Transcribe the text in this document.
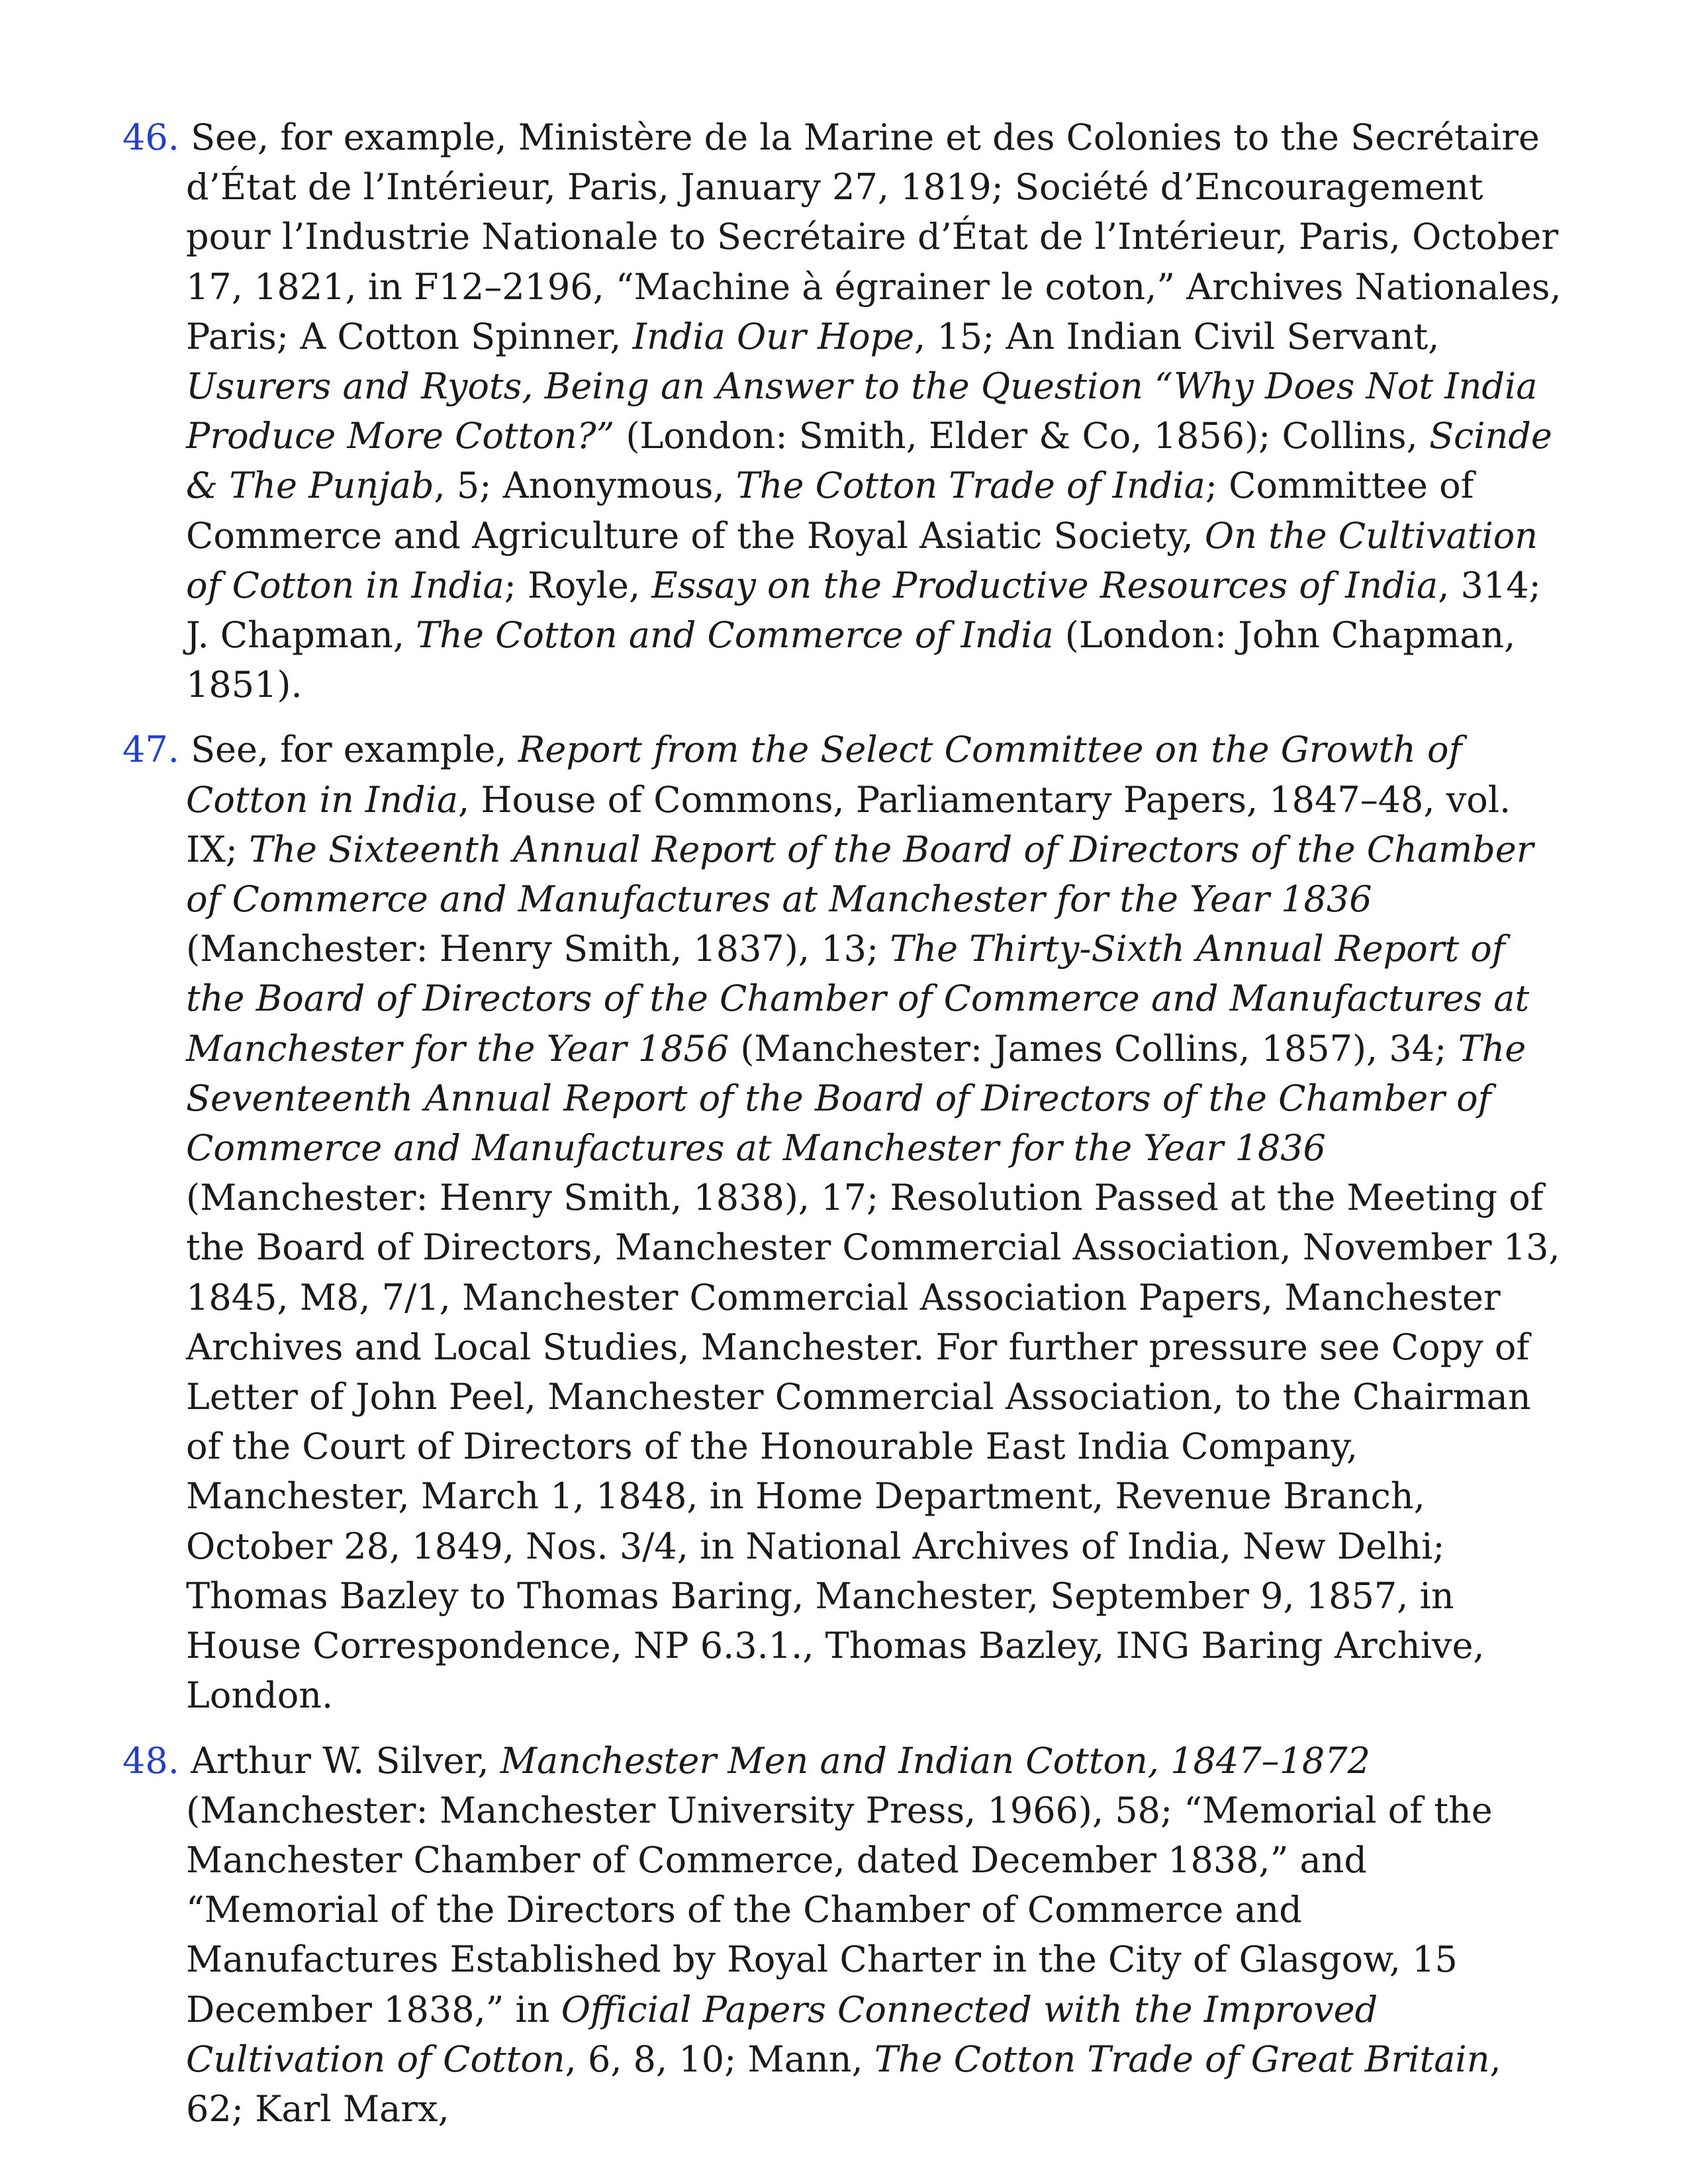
46. See, for example, Ministère de la Marine et des Colonies to the Secrétaire d’État de l’Intérieur, Paris, January 27, 1819; Société d’Encouragement pour l’Industrie Nationale to Secrétaire d’État de l’Intérieur, Paris, October 17, 1821, in F12–2196, “Machine à égrainer le coton,” Archives Nationales, Paris; A Cotton Spinner, India Our Hope, 15; An Indian Civil Servant, Usurers and Ryots, Being an Answer to the Question “Why Does Not India Produce More Cotton?” (London: Smith, Elder & Co, 1856); Collins, Scinde & The Punjab, 5; Anonymous, The Cotton Trade of India; Committee of Commerce and Agriculture of the Royal Asiatic Society, On the Cultivation of Cotton in India; Royle, Essay on the Productive Resources of India, 314; J. Chapman, The Cotton and Commerce of India (London: John Chapman, 1851).

47. See, for example, Report from the Select Committee on the Growth of Cotton in India, House of Commons, Parliamentary Papers, 1847–48, vol. IX; The Sixteenth Annual Report of the Board of Directors of the Chamber of Commerce and Manufactures at Manchester for the Year 1836 (Manchester: Henry Smith, 1837), 13; The Thirty-Sixth Annual Report of the Board of Directors of the Chamber of Commerce and Manufactures at Manchester for the Year 1856 (Manchester: James Collins, 1857), 34; The Seventeenth Annual Report of the Board of Directors of the Chamber of Commerce and Manufactures at Manchester for the Year 1836 (Manchester: Henry Smith, 1838), 17; Resolution Passed at the Meeting of the Board of Directors, Manchester Commercial Association, November 13, 1845, M8, 7/1, Manchester Commercial Association Papers, Manchester Archives and Local Studies, Manchester. For further pressure see Copy of Letter of John Peel, Manchester Commercial Association, to the Chairman of the Court of Directors of the Honourable East India Company, Manchester, March 1, 1848, in Home Department, Revenue Branch, October 28, 1849, Nos. 3/4, in National Archives of India, New Delhi; Thomas Bazley to Thomas Baring, Manchester, September 9, 1857, in House Correspondence, NP 6.3.1., Thomas Bazley, ING Baring Archive, London.

48. Arthur W. Silver, Manchester Men and Indian Cotton, 1847–1872 (Manchester: Manchester University Press, 1966), 58; “Memorial of the Manchester Chamber of Commerce, dated December 1838,” and “Memorial of the Directors of the Chamber of Commerce and Manufactures Established by Royal Charter in the City of Glasgow, 15 December 1838,” in Official Papers Connected with the Improved Cultivation of Cotton, 6, 8, 10; Mann, The Cotton Trade of Great Britain, 62; Karl Marx,
